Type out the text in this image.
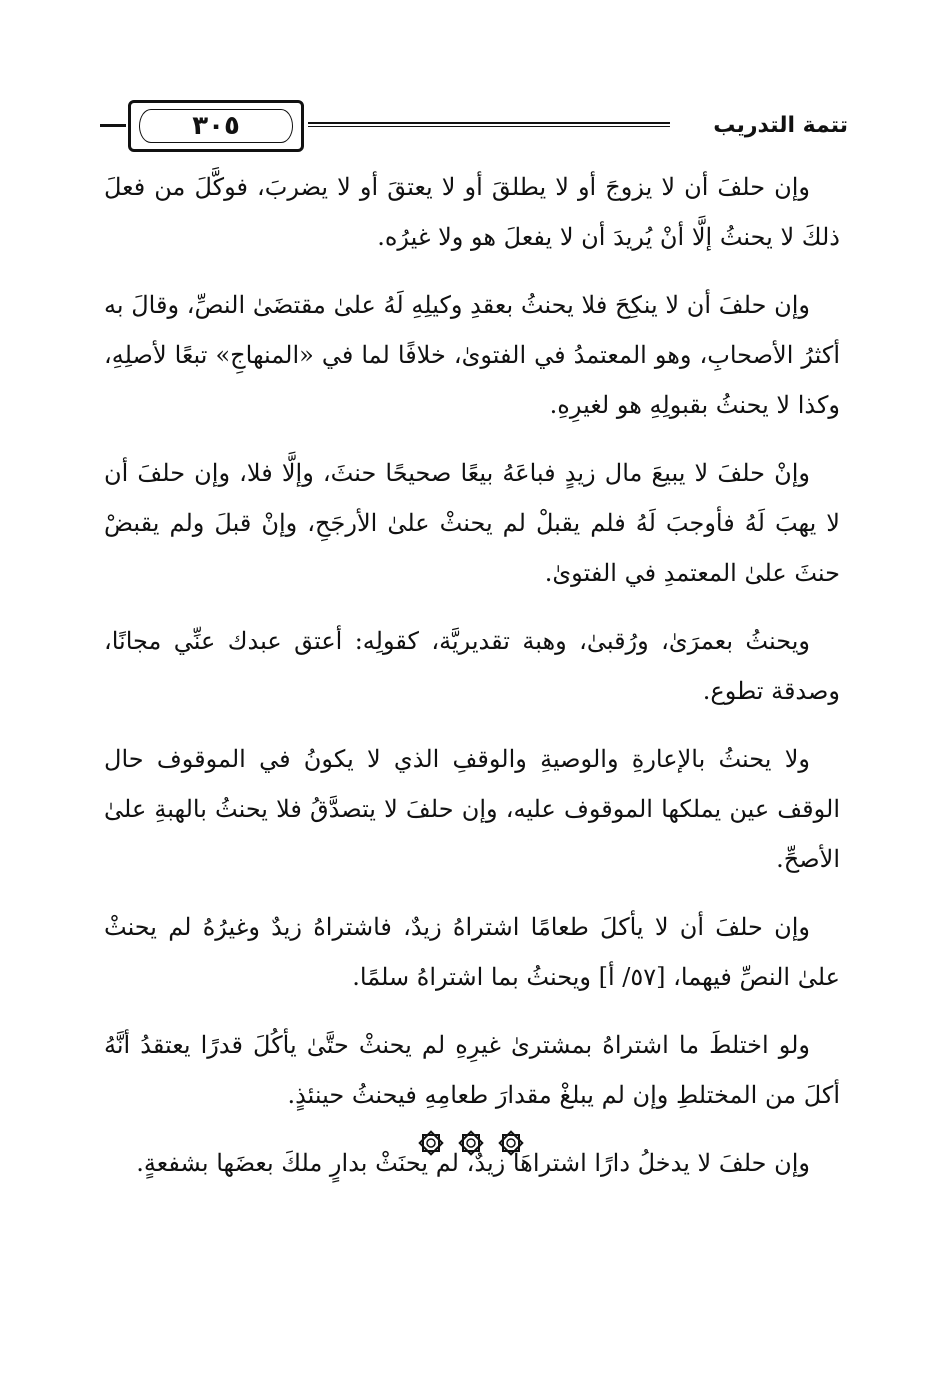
٣٠٥	تتمة التدريب

وإن حلفَ أن لا يزوجَ أو لا يطلقَ أو لا يعتقَ أو لا يضربَ، فوكَّلَ من فعلَ ذلكَ لا يحنثُ إلَّا أنْ يُريدَ أن لا يفعلَ هو ولا غيرُه.

وإن حلفَ أن لا ينكِحَ فلا يحنثُ بعقدِ وكيلِهِ لَهُ علىٰ مقتضَىٰ النصِّ، وقالَ به أكثرُ الأصحابِ، وهو المعتمدُ في الفتوىٰ، خلافًا لما في «المنهاجِ» تبعًا لأصلِهِ، وكذا لا يحنثُ بقبولِهِ هو لغيرِهِ.

وإنْ حلفَ لا يبيعَ مال زيدٍ فباعَهُ بيعًا صحيحًا حنثَ، وإلَّا فلا، وإن حلفَ أن لا يهبَ لَهُ فأوجبَ لَهُ فلم يقبلْ لم يحنثْ علىٰ الأرجَحِ، وإنْ قبلَ ولم يقبضْ حنثَ علىٰ المعتمدِ في الفتوىٰ.

ويحنثُ بعمرَىٰ، ورُقبىٰ، وهبة تقديريَّة، كقولِه: أعتق عبدك عنِّي مجانًا، وصدقة تطوع.

ولا يحنثُ بالإعارةِ والوصيةِ والوقفِ الذي لا يكونُ في الموقوف حال الوقف عين يملكها الموقوف عليه، وإن حلفَ لا يتصدَّقُ فلا يحنثُ بالهبةِ علىٰ الأصحِّ.

وإن حلفَ أن لا يأكلَ طعامًا اشتراهُ زيدٌ، فاشتراهُ زيدٌ وغيرُهُ لم يحنثْ علىٰ النصِّ فيهما، [٥٧/ أ] ويحنثُ بما اشتراهُ سلمًا.

ولو اختلطَ ما اشتراهُ بمشترىٰ غيرِهِ لم يحنثْ حتَّىٰ يأكُلَ قدرًا يعتقدُ أنَّهُ أكلَ من المختلطِ وإن لم يبلغْ مقدارَ طعامِهِ فيحنثُ حينئذٍ.

وإن حلفَ لا يدخلُ دارًا اشتراهَا زيدٌ، لم يحنَثْ بدارٍ ملكَ بعضَها بشفعةٍ.
